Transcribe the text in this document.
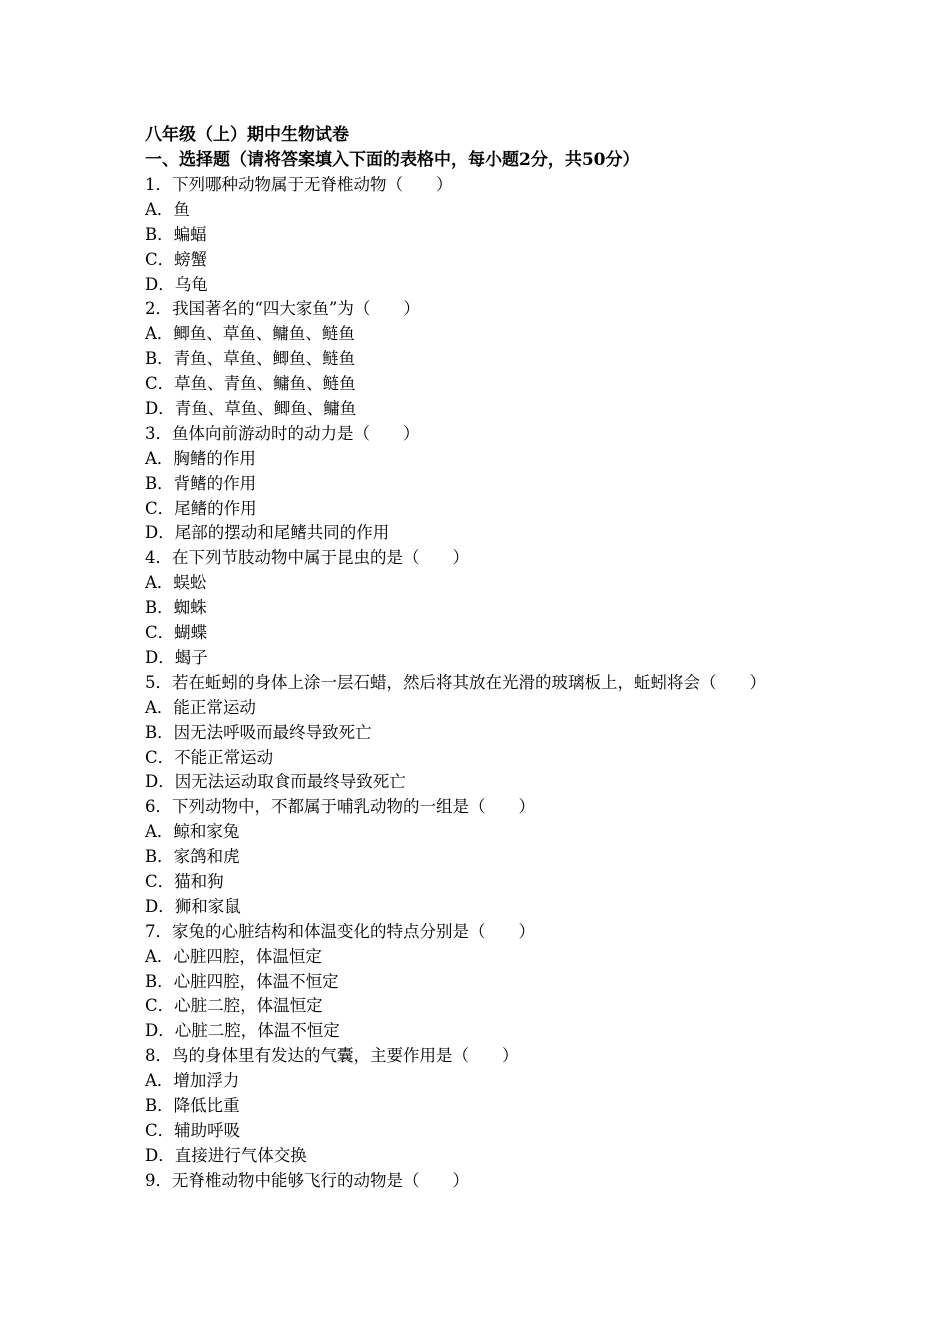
八年级（上）期中生物试卷
一、选择题（请将答案填入下面的表格中，每小题2分，共50分）
1．下列哪种动物属于无脊椎动物（　　）
A．鱼
B．蝙蝠
C．螃蟹
D．乌龟
2．我国著名的“四大家鱼”为（　　）
A．鲫鱼、草鱼、鳙鱼、鲢鱼
B．青鱼、草鱼、鲫鱼、鲢鱼
C．草鱼、青鱼、鳙鱼、鲢鱼
D．青鱼、草鱼、鲫鱼、鳙鱼
3．鱼体向前游动时的动力是（　　）
A．胸鳍的作用
B．背鳍的作用
C．尾鳍的作用
D．尾部的摆动和尾鳍共同的作用
4．在下列节肢动物中属于昆虫的是（　　）
A．蜈蚣
B．蜘蛛
C．蝴蝶
D．蝎子
5．若在蚯蚓的身体上涂一层石蜡，然后将其放在光滑的玻璃板上，蚯蚓将会（　　）
A．能正常运动
B．因无法呼吸而最终导致死亡
C．不能正常运动
D．因无法运动取食而最终导致死亡
6．下列动物中，不都属于哺乳动物的一组是（　　）
A．鲸和家兔
B．家鸽和虎
C．猫和狗
D．狮和家鼠
7．家兔的心脏结构和体温变化的特点分别是（　　）
A．心脏四腔，体温恒定
B．心脏四腔，体温不恒定
C．心脏二腔，体温恒定
D．心脏二腔，体温不恒定
8．鸟的身体里有发达的气囊，主要作用是（　　）
A．增加浮力
B．降低比重
C．辅助呼吸
D．直接进行气体交换
9．无脊椎动物中能够飞行的动物是（　　）
